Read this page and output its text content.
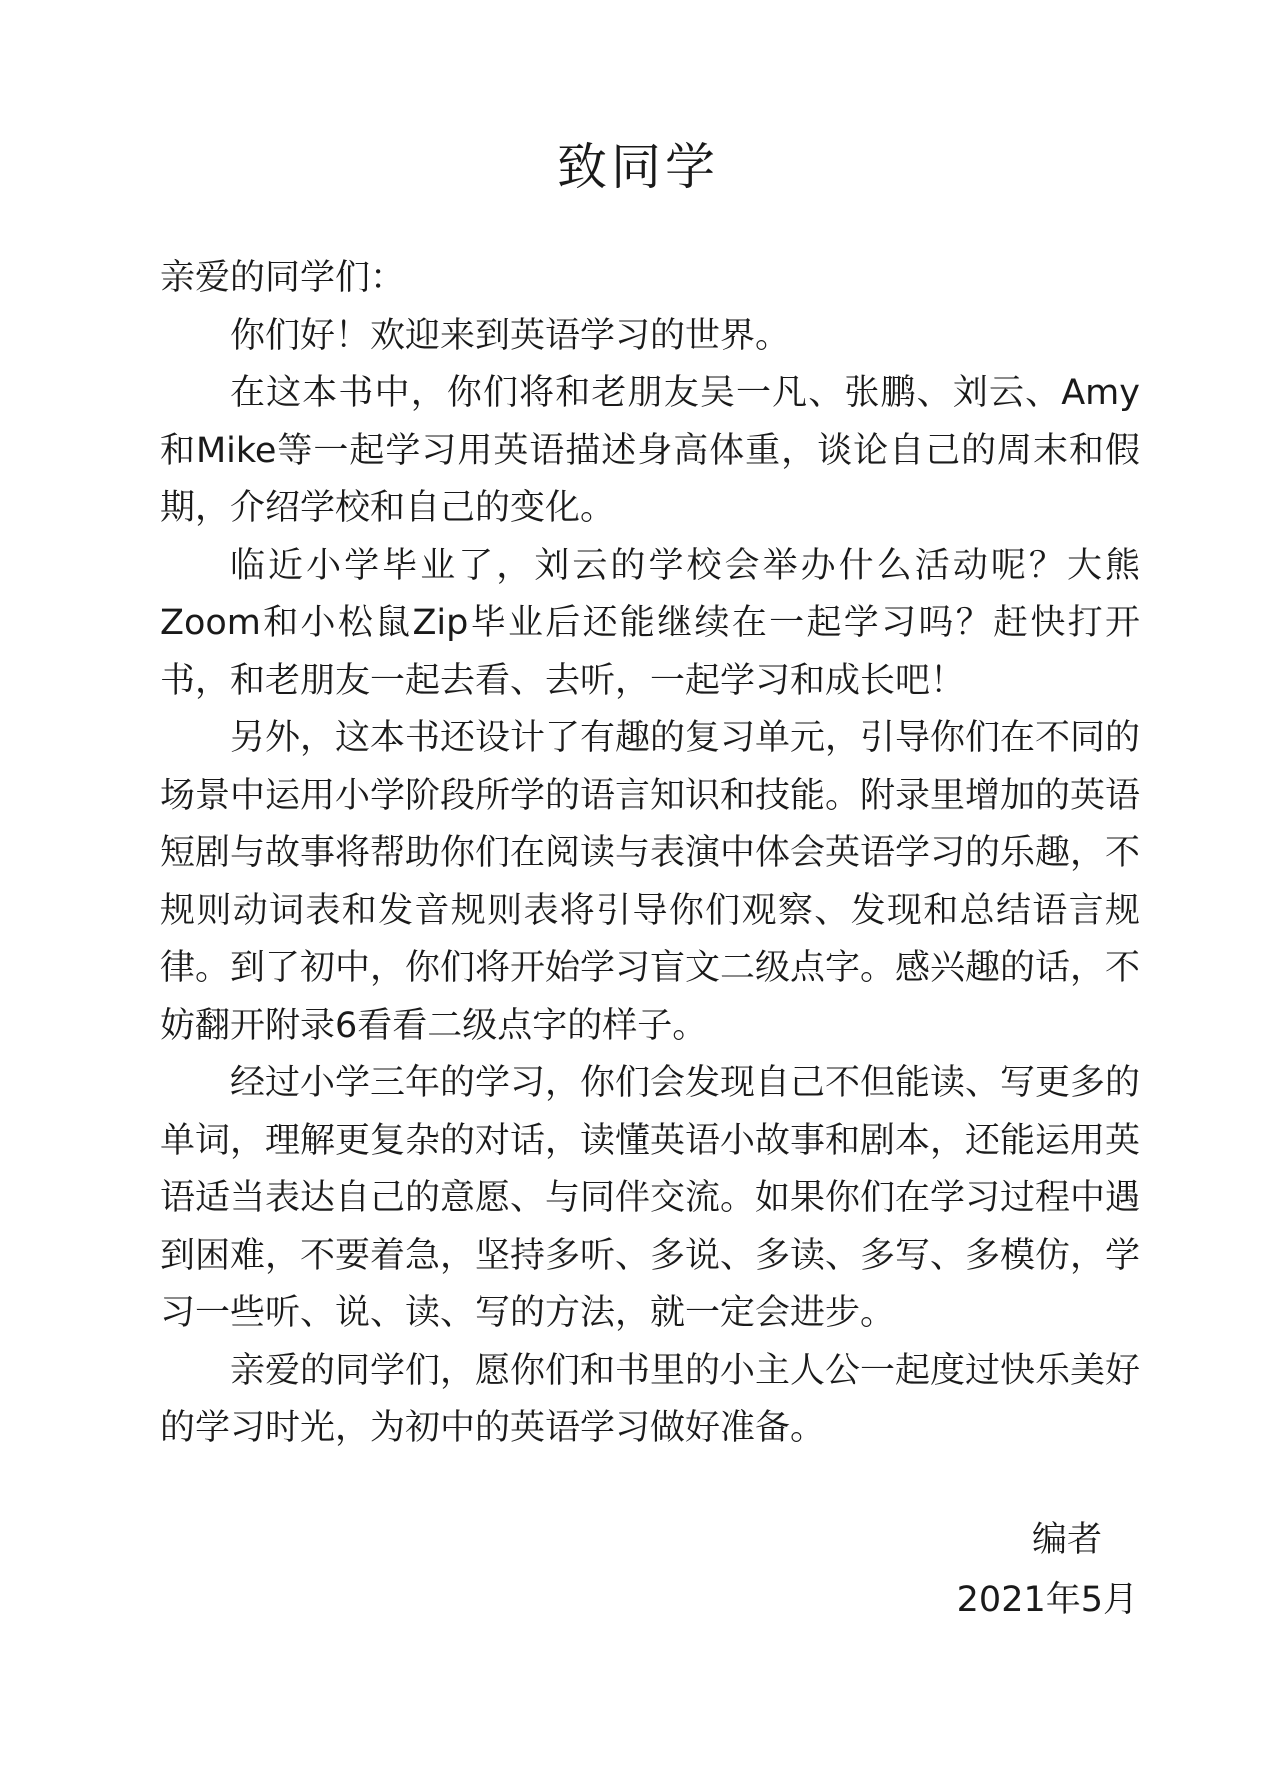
致同学

亲爱的同学们：

你们好！欢迎来到英语学习的世界。

在这本书中，你们将和老朋友吴一凡、张鹏、刘云、Amy和Mike等一起学习用英语描述身高体重，谈论自己的周末和假期，介绍学校和自己的变化。

临近小学毕业了，刘云的学校会举办什么活动呢？大熊Zoom和小松鼠Zip毕业后还能继续在一起学习吗？赶快打开书，和老朋友一起去看、去听，一起学习和成长吧！

另外，这本书还设计了有趣的复习单元，引导你们在不同的场景中运用小学阶段所学的语言知识和技能。附录里增加的英语短剧与故事将帮助你们在阅读与表演中体会英语学习的乐趣，不规则动词表和发音规则表将引导你们观察、发现和总结语言规律。到了初中，你们将开始学习盲文二级点字。感兴趣的话，不妨翻开附录6看看二级点字的样子。

经过小学三年的学习，你们会发现自己不但能读、写更多的单词，理解更复杂的对话，读懂英语小故事和剧本，还能运用英语适当表达自己的意愿、与同伴交流。如果你们在学习过程中遇到困难，不要着急，坚持多听、多说、多读、多写、多模仿，学习一些听、说、读、写的方法，就一定会进步。

亲爱的同学们，愿你们和书里的小主人公一起度过快乐美好的学习时光，为初中的英语学习做好准备。

编者
2021年5月
